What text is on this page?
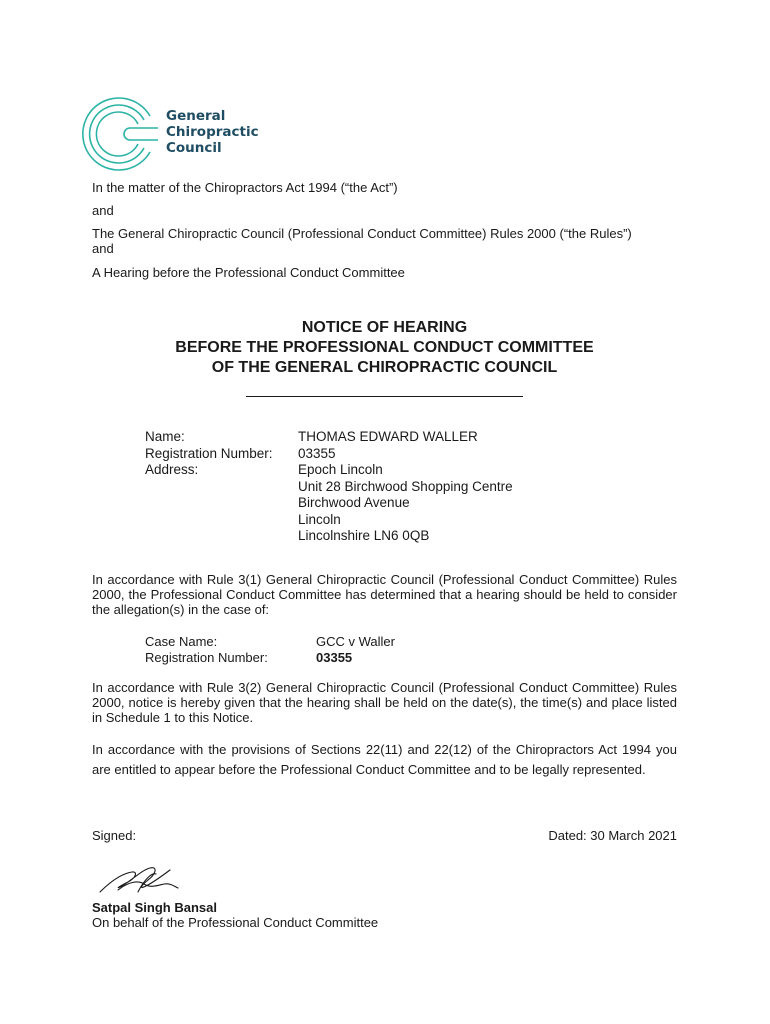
General
Chiropractic
Council
In the matter of the Chiropractors Act 1994 (“the Act”)
and
The General Chiropractic Council (Professional Conduct Committee) Rules 2000 (“the Rules”)
and
A Hearing before the Professional Conduct Committee
NOTICE OF HEARING
BEFORE THE PROFESSIONAL CONDUCT COMMITTEE
OF THE GENERAL CHIROPRACTIC COUNCIL
Name:
Registration Number:
Address:
THOMAS EDWARD WALLER
03355
Epoch Lincoln
Unit 28 Birchwood Shopping Centre
Birchwood Avenue
Lincoln
Lincolnshire LN6 0QB
In accordance with Rule 3(1) General Chiropractic Council (Professional Conduct Committee) Rules 2000, the Professional Conduct Committee has determined that a hearing should be held to consider the allegation(s) in the case of:
Case Name:
Registration Number:
GCC v Waller
03355
In accordance with Rule 3(2) General Chiropractic Council (Professional Conduct Committee) Rules 2000, notice is hereby given that the hearing shall be held on the date(s), the time(s) and place listed in Schedule 1 to this Notice.
In accordance with the provisions of Sections 22(11) and 22(12) of the Chiropractors Act 1994 you are entitled to appear before the Professional Conduct Committee and to be legally represented.
Signed:	Dated: 30 March 2021
Satpal Singh Bansal
On behalf of the Professional Conduct Committee
